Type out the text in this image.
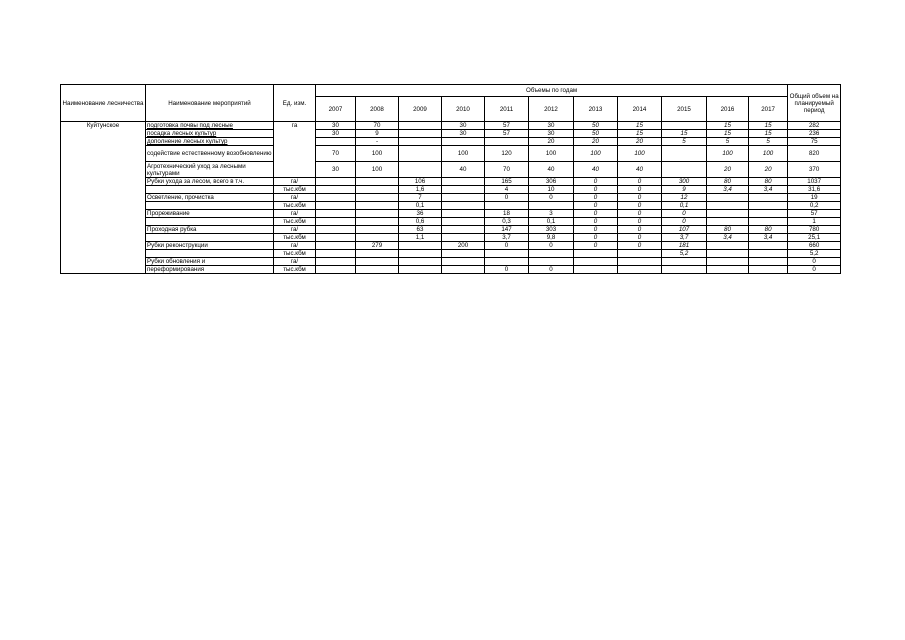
Наименование лесничества	Наименование мероприятий	Ед. изм.	Объемы по годам											Общий объем на планируемый период
			2007	2008	2009	2010	2011	2012	2013	2014	2015	2016	2017	
Куйтунское	подготовка почвы под лесные	га	30	70		30	57	30	50	15		15	15	282
	посадка лесных культур		30	9		30	57	30	50	15	15	15	15	236
	дополнение лесных культур			-				20	20	20	5	5	5	75
	содействие естественному возобновлению		70	100		100	120	100	100	100		100	100	820
	Агротехнический уход за лесными культурами		30	100		40	70	40	40	40		20	20	370
	Рубки ухода за лесом, всего в т.ч.	га/			106		165	306	0	0	300	80	80	1037
		тыс.кбм			1,6		4	10	0	0	9	3,4	3,4	31,6
	Осветление, прочистка	га/			7		0	0	0	0	12			19
		тыс.кбм			0,1				0	0	0,1			0,2
	Прореживание	га/			36		18	3	0	0	0			57
		тыс.кбм			0,6		0,3	0,1	0	0	0			1
	Проходная рубка	га/			63		147	303	0	0	107	80	80	780
		тыс.кбм			1,1		3,7	9,8	0	0	3,7	3,4	3,4	25,1
	Рубки реконструкции	га/		279		200	0	0	0	0	181			660
		тыс.кбм									5,2			5,2
	Рубки обновления и	га/												0
	переформирования	тыс.кбм					0	0						0
